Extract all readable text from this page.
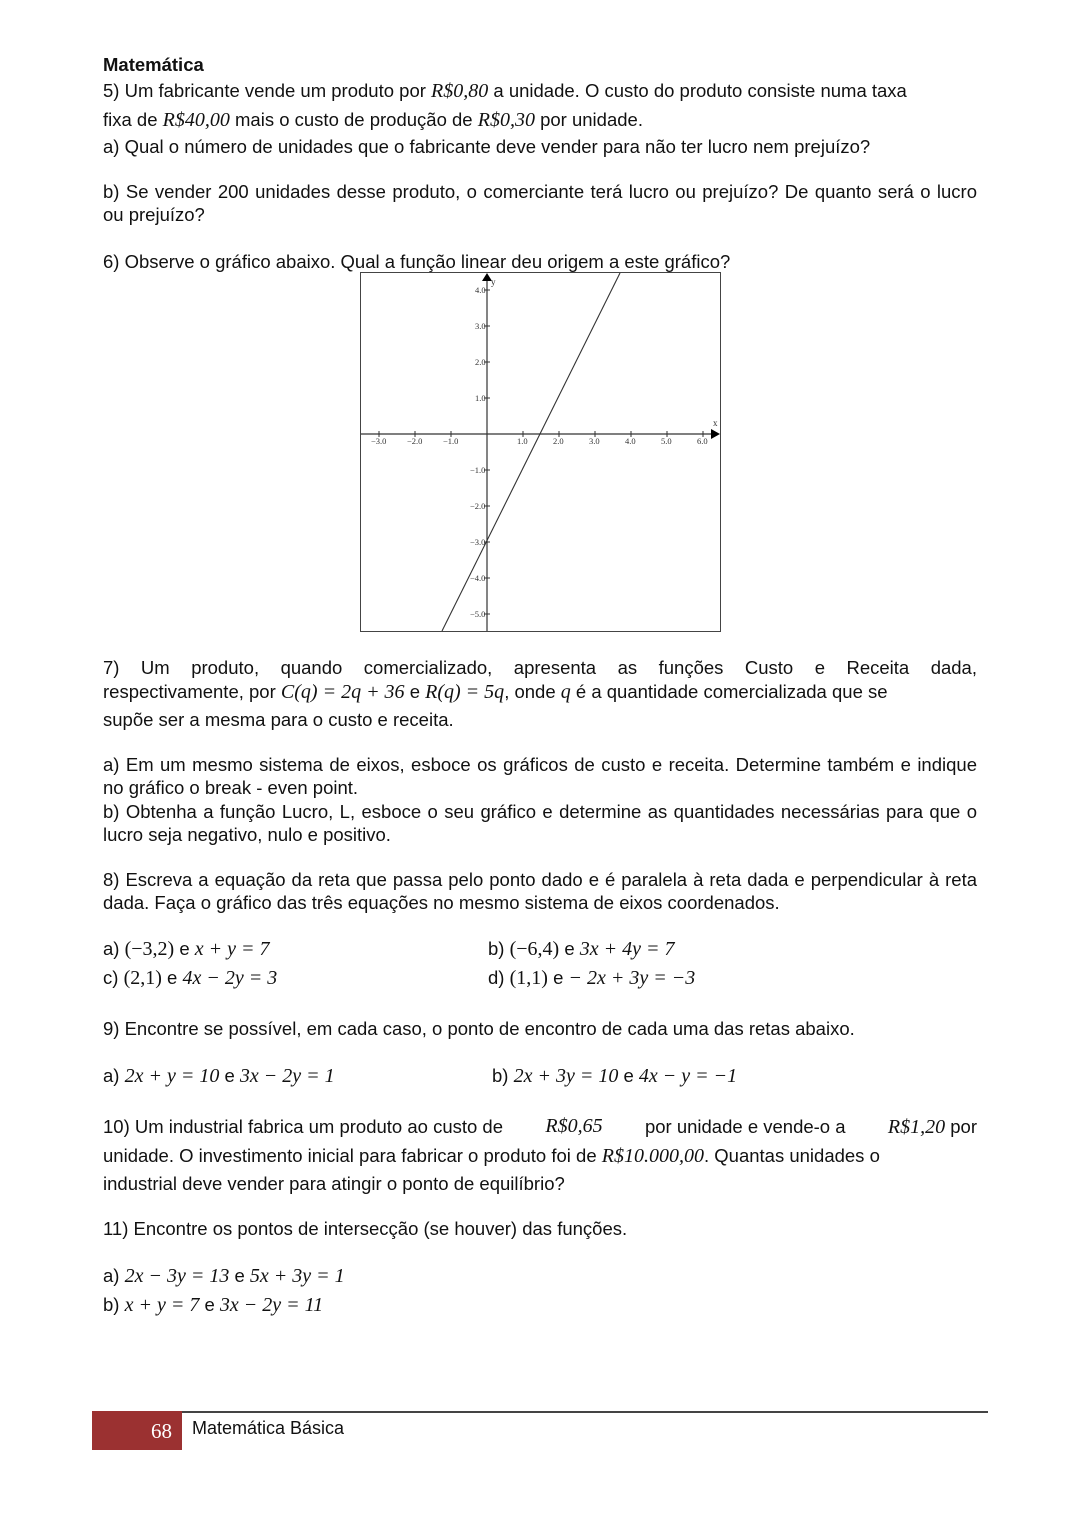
Matemática
5) Um fabricante vende um produto por R$0,80 a unidade. O custo do produto consiste numa taxa
fixa de R$40,00 mais o custo de produção de R$0,30 por unidade.
a) Qual o número de unidades que o fabricante deve vender para não ter lucro nem prejuízo?
b) Se vender 200 unidades desse produto, o comerciante terá lucro ou prejuízo? De quanto será o lucro ou prejuízo?
6) Observe o gráfico abaixo. Qual a função linear deu origem a este gráfico?
x
y
−3.0 −2.0 −1.0	1.0	2.0	3.0	4.0	5.0	6.0
4.0
3.0
2.0
1.0
−1.0
−2.0
−3.0
−4.0
−5.0
7) Um produto, quando comercializado, apresenta as funções Custo e Receita dada,
respectivamente, por C(q) = 2q + 36 e R(q) = 5q, onde q é a quantidade comercializada que se
supõe ser a mesma para o custo e receita.
a) Em um mesmo sistema de eixos, esboce os gráficos de custo e receita. Determine também e indique no gráfico o break - even point.
b) Obtenha a função Lucro, L, esboce o seu gráfico e determine as quantidades necessárias para que o lucro seja negativo, nulo e positivo.
8) Escreva a equação da reta que passa pelo ponto dado e é paralela à reta dada e perpendicular à reta dada. Faça o gráfico das três equações no mesmo sistema de eixos coordenados.
a) (−3,2) e x + y = 7	b) (−6,4) e 3x + 4y = 7
c) (2,1) e 4x − 2y = 3	d) (1,1) e − 2x + 3y = −3
9) Encontre se possível, em cada caso, o ponto de encontro de cada uma das retas abaixo.
a) 2x + y = 10 e 3x − 2y = 1	b) 2x + 3y = 10 e 4x − y = −1
10) Um industrial fabrica um produto ao custo de R$0,65 por unidade e vende-o a R$1,20 por
unidade. O investimento inicial para fabricar o produto foi de R$10.000,00. Quantas unidades o
industrial deve vender para atingir o ponto de equilíbrio?
11) Encontre os pontos de intersecção (se houver) das funções.
a) 2x − 3y = 13 e 5x + 3y = 1
b) x + y = 7 e 3x − 2y = 11
68 Matemática Básica
